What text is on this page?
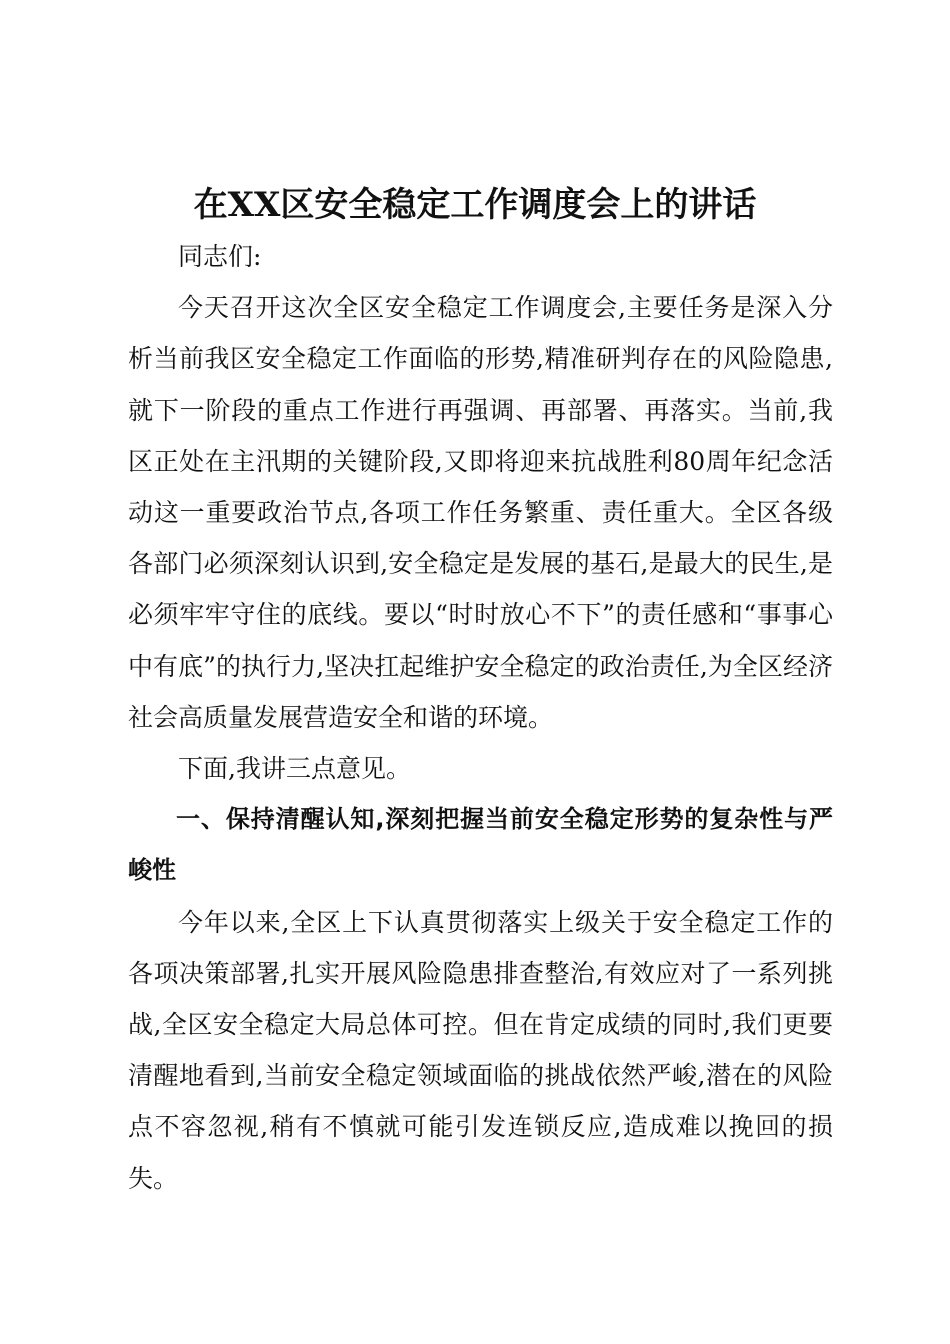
在XX区安全稳定工作调度会上的讲话

同志们:

今天召开这次全区安全稳定工作调度会,主要任务是深入分析当前我区安全稳定工作面临的形势,精准研判存在的风险隐患,就下一阶段的重点工作进行再强调、再部署、再落实。当前,我区正处在主汛期的关键阶段,又即将迎来抗战胜利80周年纪念活动这一重要政治节点,各项工作任务繁重、责任重大。全区各级各部门必须深刻认识到,安全稳定是发展的基石,是最大的民生,是必须牢牢守住的底线。要以“时时放心不下”的责任感和“事事心中有底”的执行力,坚决扛起维护安全稳定的政治责任,为全区经济社会高质量发展营造安全和谐的环境。

下面,我讲三点意见。

一、保持清醒认知,深刻把握当前安全稳定形势的复杂性与严峻性

今年以来,全区上下认真贯彻落实上级关于安全稳定工作的各项决策部署,扎实开展风险隐患排查整治,有效应对了一系列挑战,全区安全稳定大局总体可控。但在肯定成绩的同时,我们更要清醒地看到,当前安全稳定领域面临的挑战依然严峻,潜在的风险点不容忽视,稍有不慎就可能引发连锁反应,造成难以挽回的损失。
